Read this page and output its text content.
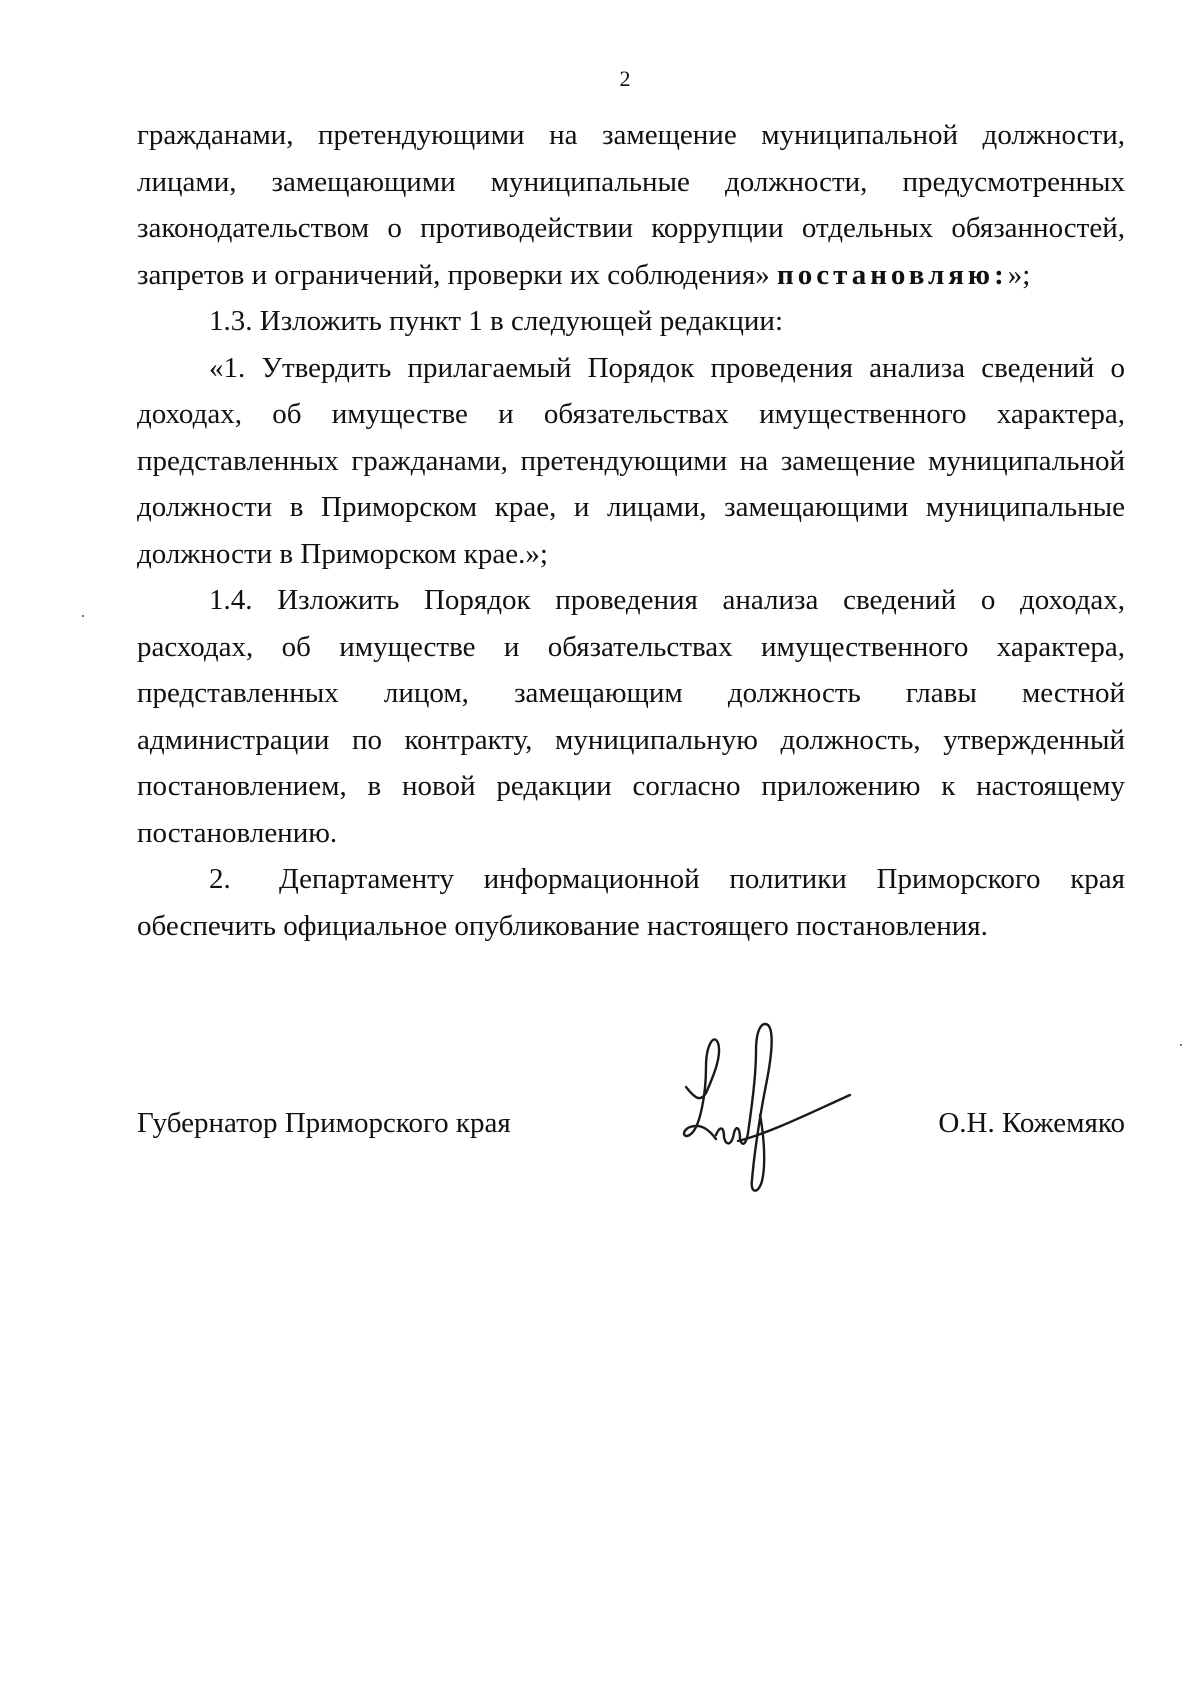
2

гражданами, претендующими на замещение муниципальной должности, лицами, замещающими муниципальные должности, предусмотренных законодательством о противодействии коррупции отдельных обязанностей, запретов и ограничений, проверки их соблюдения» постановляю:»;

1.3. Изложить пункт 1 в следующей редакции:

«1. Утвердить прилагаемый Порядок проведения анализа сведений о доходах, об имуществе и обязательствах имущественного характера, представленных гражданами, претендующими на замещение муниципальной должности в Приморском крае, и лицами, замещающими муниципальные должности в Приморском крае.»;

1.4. Изложить Порядок проведения анализа сведений о доходах, расходах, об имуществе и обязательствах имущественного характера, представленных лицом, замещающим должность главы местной администрации по контракту, муниципальную должность, утвержденный постановлением, в новой редакции согласно приложению к настоящему постановлению.

2. Департаменту информационной политики Приморского края обеспечить официальное опубликование настоящего постановления.

Губернатор Приморского края	О.Н. Кожемяко
